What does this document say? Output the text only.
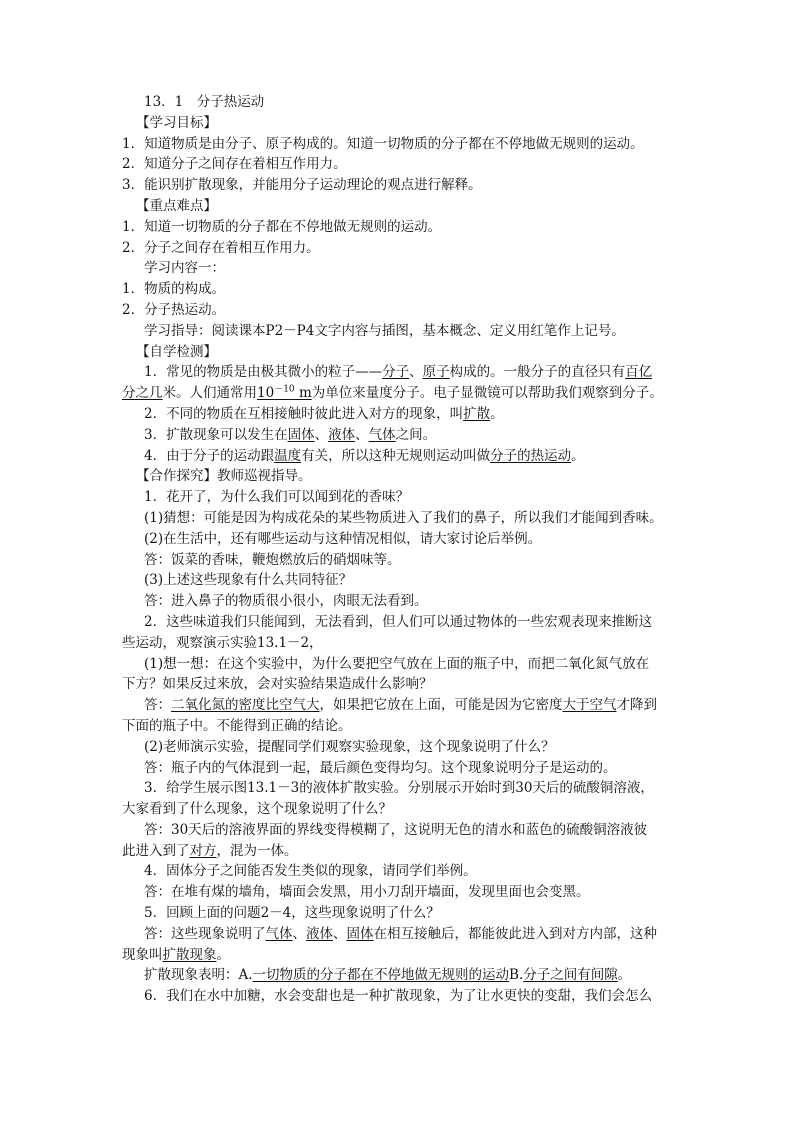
13．1　分子热运动
【学习目标】
1．知道物质是由分子、原子构成的。知道一切物质的分子都在不停地做无规则的运动。
2．知道分子之间存在着相互作用力。
3．能识别扩散现象，并能用分子运动理论的观点进行解释。
【重点难点】
1．知道一切物质的分子都在不停地做无规则的运动。
2．分子之间存在着相互作用力。
学习内容一：
1．物质的构成。
2．分子热运动。
学习指导：阅读课本P2－P4文字内容与插图，基本概念、定义用红笔作上记号。
【自学检测】
1．常见的物质是由极其微小的粒子——分子、原子构成的。一般分子的直径只有百亿
分之几米。人们通常用$10^{-10}$ m为单位来量度分子。电子显微镜可以帮助我们观察到分子。
2．不同的物质在互相接触时彼此进入对方的现象，叫扩散。
3．扩散现象可以发生在固体、液体、气体之间。
4．由于分子的运动跟温度有关，所以这种无规则运动叫做分子的热运动。
【合作探究】教师巡视指导。
1．花开了，为什么我们可以闻到花的香味？
(1)猜想：可能是因为构成花朵的某些物质进入了我们的鼻子，所以我们才能闻到香味。
(2)在生活中，还有哪些运动与这种情况相似，请大家讨论后举例。
答：饭菜的香味，鞭炮燃放后的硝烟味等。
(3)上述这些现象有什么共同特征？
答：进入鼻子的物质很小很小，肉眼无法看到。
2．这些味道我们只能闻到，无法看到，但人们可以通过物体的一些宏观表现来推断这
些运动，观察演示实验13.1－2，
(1)想一想：在这个实验中，为什么要把空气放在上面的瓶子中，而把二氧化氮气放在
下方？如果反过来放，会对实验结果造成什么影响？
答：二氧化氮的密度比空气大，如果把它放在上面，可能是因为它密度大于空气才降到
下面的瓶子中。不能得到正确的结论。
(2)老师演示实验，提醒同学们观察实验现象，这个现象说明了什么？
答：瓶子内的气体混到一起，最后颜色变得均匀。这个现象说明分子是运动的。
3．给学生展示图13.1－3的液体扩散实验。分别展示开始时到30天后的硫酸铜溶液，
大家看到了什么现象，这个现象说明了什么？
答：30天后的溶液界面的界线变得模糊了，这说明无色的清水和蓝色的硫酸铜溶液彼
此进入到了对方，混为一体。
4．固体分子之间能否发生类似的现象，请同学们举例。
答：在堆有煤的墙角，墙面会发黑，用小刀刮开墙面，发现里面也会变黑。
5．回顾上面的问题2－4，这些现象说明了什么？
答：这些现象说明了气体、液体、固体在相互接触后，都能彼此进入到对方内部，这种
现象叫扩散现象。
扩散现象表明：A.一切物质的分子都在不停地做无规则的运动B.分子之间有间隙。
6．我们在水中加糖，水会变甜也是一种扩散现象，为了让水更快的变甜，我们会怎么
